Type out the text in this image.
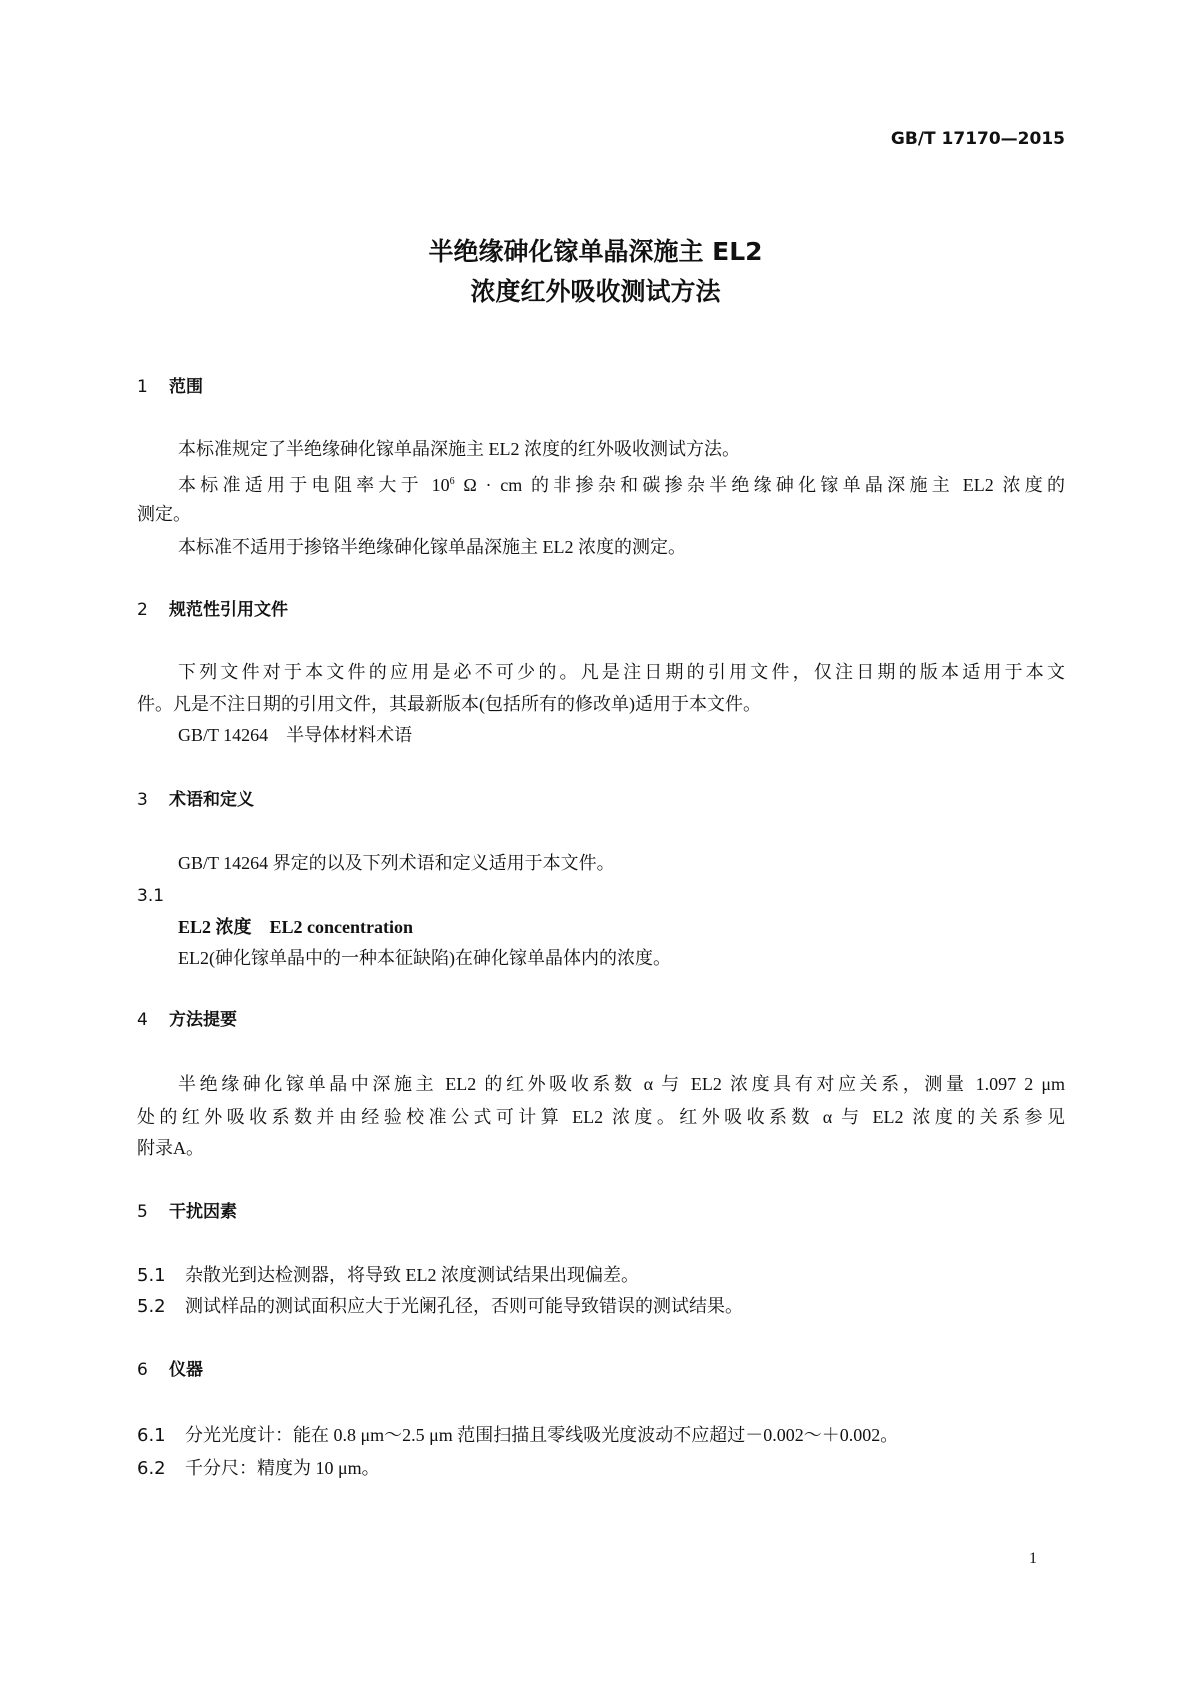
GB/T 17170—2015
半绝缘砷化镓单晶深施主 EL2
浓度红外吸收测试方法
1 范围
本标准规定了半绝缘砷化镓单晶深施主 EL2 浓度的红外吸收测试方法。
本标准适用于电阻率大于 $10^6$ Ω · cm 的非掺杂和碳掺杂半绝缘砷化镓单晶深施主 EL2 浓度的
测定。
本标准不适用于掺铬半绝缘砷化镓单晶深施主 EL2 浓度的测定。
2 规范性引用文件
下列文件对于本文件的应用是必不可少的。凡是注日期的引用文件，仅注日期的版本适用于本文
件。凡是不注日期的引用文件，其最新版本(包括所有的修改单)适用于本文件。
GB/T 14264　半导体材料术语
3 术语和定义
GB/T 14264 界定的以及下列术语和定义适用于本文件。
3.1
EL2 浓度　EL2 concentration
EL2(砷化镓单晶中的一种本征缺陷)在砷化镓单晶体内的浓度。
4 方法提要
半绝缘砷化镓单晶中深施主 EL2 的红外吸收系数 α 与 EL2 浓度具有对应关系，测量 1.097 2 μm
处的红外吸收系数并由经验校准公式可计算 EL2 浓度。红外吸收系数 α 与 EL2 浓度的关系参见
附录A。
5 干扰因素
5.1 杂散光到达检测器，将导致 EL2 浓度测试结果出现偏差。
5.2 测试样品的测试面积应大于光阑孔径，否则可能导致错误的测试结果。
6 仪器
6.1 分光光度计：能在 0.8 μm～2.5 μm 范围扫描且零线吸光度波动不应超过－0.002～＋0.002。
6.2 千分尺：精度为 10 μm。
1
